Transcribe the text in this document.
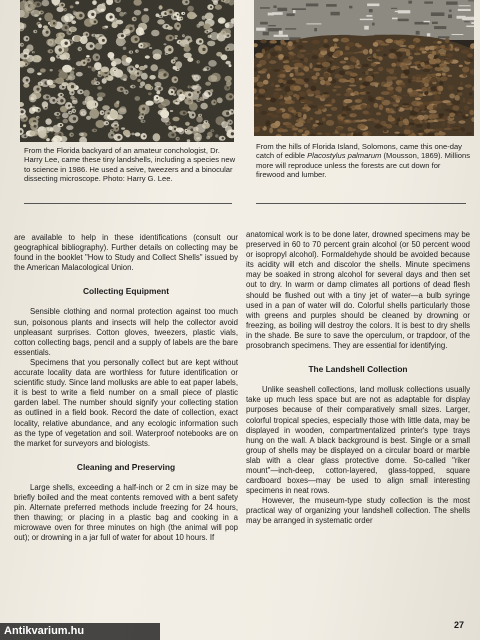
From the Florida backyard of an amateur conchologist, Dr. Harry Lee, came these tiny landshells, including a species new to science in 1986. He used a seive, tweezers and a binocular dissecting microscope. Photo: Harry G. Lee.
From the hills of Florida Island, Solomons, came this one-day catch of edible Placostylus palmarum (Mousson, 1869). Millions more will reproduce unless the forests are cut down for firewood and lumber.

are available to help in these identifications (consult our geographical bibliography). Further details on collecting may be found in the booklet "How to Study and Collect Shells" issued by the American Malacological Union.

Collecting Equipment

Sensible clothing and normal protection against too much sun, poisonous plants and insects will help the collector avoid unpleasant surprises. Cotton gloves, tweezers, plastic vials, cotton collecting bags, pencil and a supply of labels are the bare essentials.

Specimens that you personally collect but are kept without accurate locality data are worthless for future identification or scientific study. Since land mollusks are able to eat paper labels, it is best to write a field number on a small piece of plastic garden label. The number should signify your collecting station as outlined in a field book. Record the date of collection, exact locality, relative abundance, and any ecologic information such as the type of vegetation and soil. Waterproof notebooks are on the market for surveyors and biologists.

Cleaning and Preserving

Large shells, exceeding a half-inch or 2 cm in size may be briefly boiled and the meat contents removed with a bent safety pin. Alternate preferred methods include freezing for 24 hours, then thawing; or placing in a plastic bag and cooking in a microwave oven for three minutes on high (the animal will pop out); or drowning in a jar full of water for about 10 hours. If

anatomical work is to be done later, drowned specimens may be preserved in 60 to 70 percent grain alcohol (or 50 percent wood or isopropyl alcohol). Formaldehyde should be avoided because its acidity will etch and discolor the shells. Minute specimens may be soaked in strong alcohol for several days and then set out to dry. In warm or damp climates all portions of dead flesh should be flushed out with a tiny jet of water—a bulb syringe used in a pan of water will do. Colorful shells particularly those with greens and purples should be cleaned by drowning or freezing, as boiling will destroy the colors. It is best to dry shells in the shade. Be sure to save the operculum, or trapdoor, of the prosobranch specimens. They are essential for identifying.

The Landshell Collection

Unlike seashell collections, land mollusk collections usually take up much less space but are not as adaptable for display purposes because of their comparatively small sizes. Larger, colorful tropical species, especially those with little data, may be displayed in wooden, compartmentalized printer's type trays hung on the wall. A black background is best. Single or a small group of shells may be displayed on a circular board or marble slab with a clear glass protective dome. So-called "riker mount"—inch-deep, cotton-layered, glass-topped, square cardboard boxes—may be used to align small interesting specimens in neat rows.

However, the museum-type study collection is the most practical way of organizing your landshell collection. The shells may be arranged in systematic order

27
Antikvarium.hu
